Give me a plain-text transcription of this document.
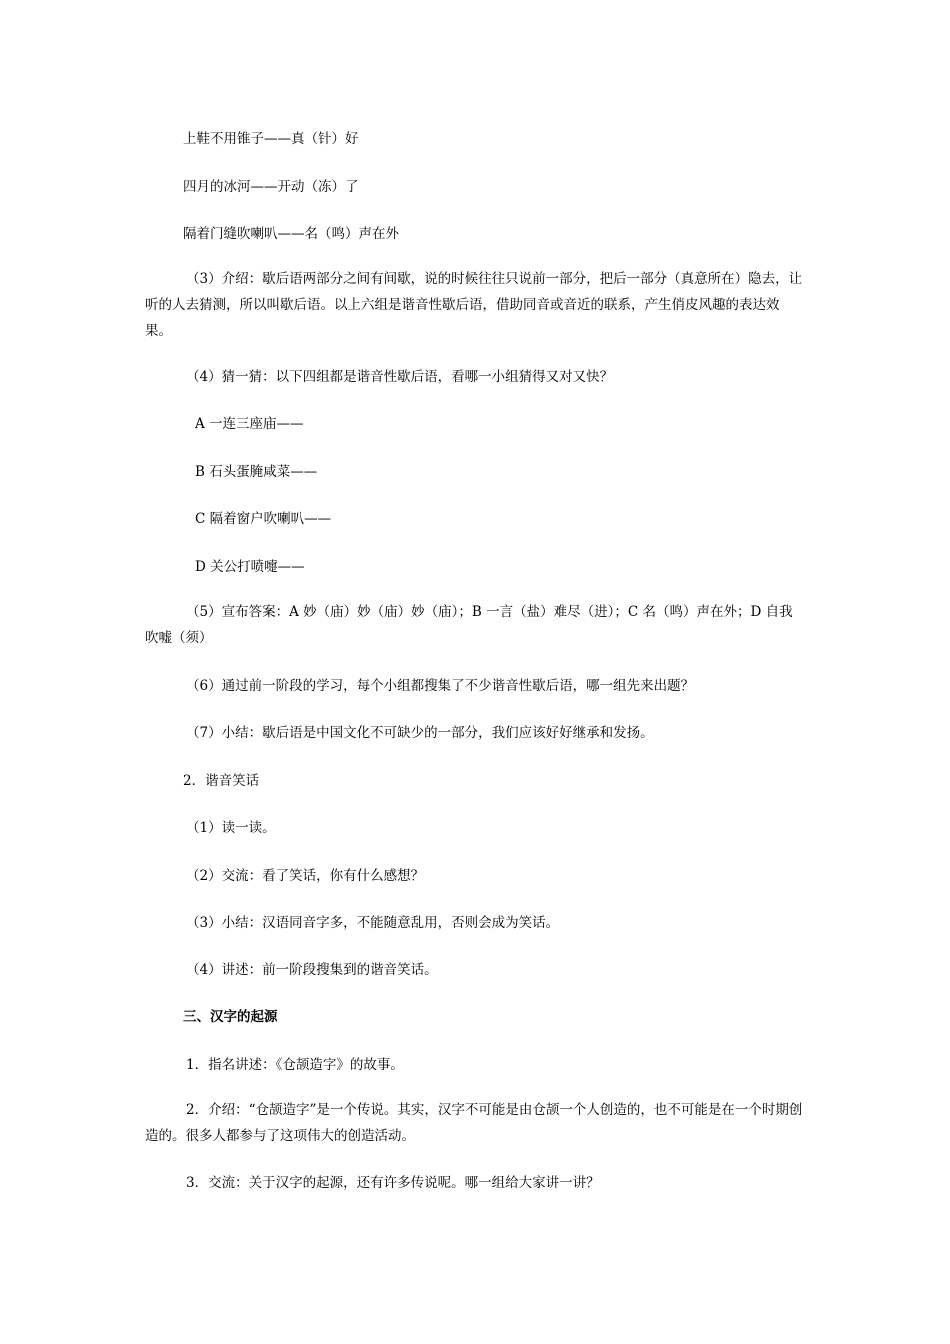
上鞋不用锥子——真（针）好
四月的冰河——开动（冻）了
隔着门缝吹喇叭——名（鸣）声在外
（3）介绍：歇后语两部分之间有间歇，说的时候往往只说前一部分，把后一部分（真意所在）隐去，让听的人去猜测，所以叫歇后语。以上六组是谐音性歇后语，借助同音或音近的联系，产生俏皮风趣的表达效果。
（4）猜一猜：以下四组都是谐音性歇后语，看哪一小组猜得又对又快？
A 一连三座庙——
B 石头蛋腌咸菜——
C 隔着窗户吹喇叭——
D 关公打喷嚏——
（5）宣布答案：A 妙（庙）妙（庙）妙（庙）；B 一言（盐）难尽（进）；C 名（鸣）声在外；D 自我吹嘘（须）
（6）通过前一阶段的学习，每个小组都搜集了不少谐音性歇后语，哪一组先来出题？
（7）小结：歇后语是中国文化不可缺少的一部分，我们应该好好继承和发扬。
2．谐音笑话
（1）读一读。
（2）交流：看了笑话，你有什么感想？
（3）小结：汉语同音字多，不能随意乱用，否则会成为笑话。
（4）讲述：前一阶段搜集到的谐音笑话。
三、汉字的起源
1．指名讲述：《仓颉造字》的故事。
2．介绍：“仓颉造字”是一个传说。其实，汉字不可能是由仓颉一个人创造的，也不可能是在一个时期创造的。很多人都参与了这项伟大的创造活动。
3．交流：关于汉字的起源，还有许多传说呢。哪一组给大家讲一讲？
